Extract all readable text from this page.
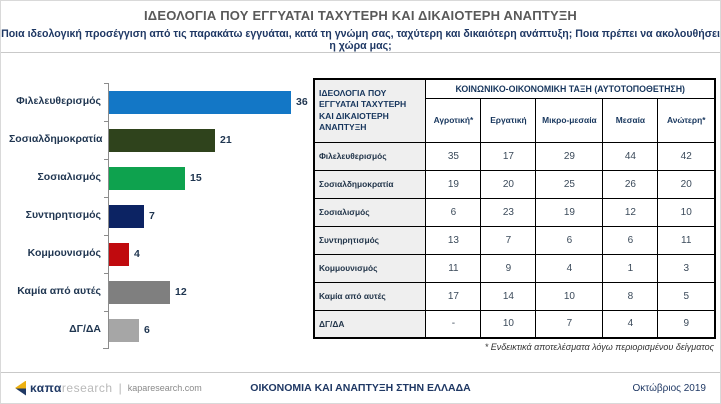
ΙΔΕΟΛΟΓΙΑ ΠΟΥ ΕΓΓΥΑΤΑΙ ΤΑΧΥΤΕΡΗ ΚΑΙ ΔΙΚΑΙΟΤΕΡΗ ΑΝΑΠΤΥΞΗ
Ποια ιδεολογική προσέγγιση από τις παρακάτω εγγυάται, κατά τη γνώμη σας, ταχύτερη και δικαιότερη ανάπτυξη; Ποια πρέπει να ακολουθήσει η χώρα μας;
Φιλελευθερισμός	36
Σοσιαλδημοκρατία	21
Σοσιαλισμός	15
Συντηρητισμός	7
Κομμουνισμός	4
Καμία από αυτές	12
ΔΓ/ΔΑ	6
ΙΔΕΟΛΟΓΙΑ ΠΟΥ ΕΓΓΥΑΤΑΙ ΤΑΧΥΤΕΡΗ ΚΑΙ ΔΙΚΑΙΟΤΕΡΗ ΑΝΑΠΤΥΞΗ	ΚΟΙΝΩΝΙΚΟ-ΟΙΚΟΝΟΜΙΚΗ ΤΑΞΗ (ΑΥΤΟΤΟΠΟΘΕΤΗΣΗ)				
	Αγροτική*	Εργατική	Μικρο-μεσαία	Μεσαία	Ανώτερη*
Φιλελευθερισμός	35	17	29	44	42
Σοσιαλδημοκρατία	19	20	25	26	20
Σοσιαλισμός	6	23	19	12	10
Συντηρητισμός	13	7	6	6	11
Κομμουνισμός	11	9	4	1	3
Καμία από αυτές	17	14	10	8	5
ΔΓ/ΔΑ	-	10	7	4	9
* Ενδεικτικά αποτελέσματα λόγω περιορισμένου δείγματος
καπα research | kaparesearch.com	ΟΙΚΟΝΟΜΙΑ ΚΑΙ ΑΝΑΠΤΥΞΗ ΣΤΗΝ ΕΛΛΑΔΑ	Οκτώβριος 2019
